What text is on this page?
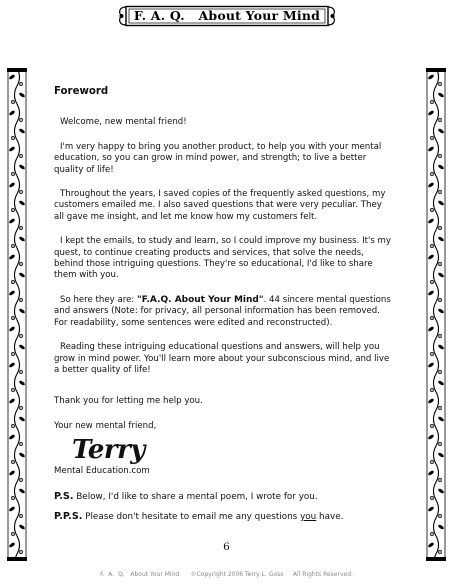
F. A. Q.   About Your Mind
Foreword

Welcome, new mental friend!

I'm very happy to bring you another product, to help you with your mental education, so you can grow in mind power, and strength; to live a better quality of life!

Throughout the years, I saved copies of the frequently asked questions, my customers emailed me. I also saved questions that were very peculiar. They all gave me insight, and let me know how my customers felt.

I kept the emails, to study and learn, so I could improve my business. It's my quest, to continue creating products and services, that solve the needs, behind those intriguing questions. They're so educational, I'd like to share them with you.

So here they are: "F.A.Q. About Your Mind". 44 sincere mental questions and answers (Note: for privacy, all personal information has been removed. For readability, some sentences were edited and reconstructed).

Reading these intriguing educational questions and answers, will help you grow in mind power. You'll learn more about your subconscious mind, and live a better quality of life!

Thank you for letting me help you.

Your new mental friend,

Terry
Mental Education.com

P.S. Below, I'd like to share a mental poem, I wrote for you.

P.P.S. Please don't hesitate to email me any questions you have.

6
F.  A.  Q.   About Your Mind      ©Copyright 2006 Terry L. Goss     All Rights Reserved.
